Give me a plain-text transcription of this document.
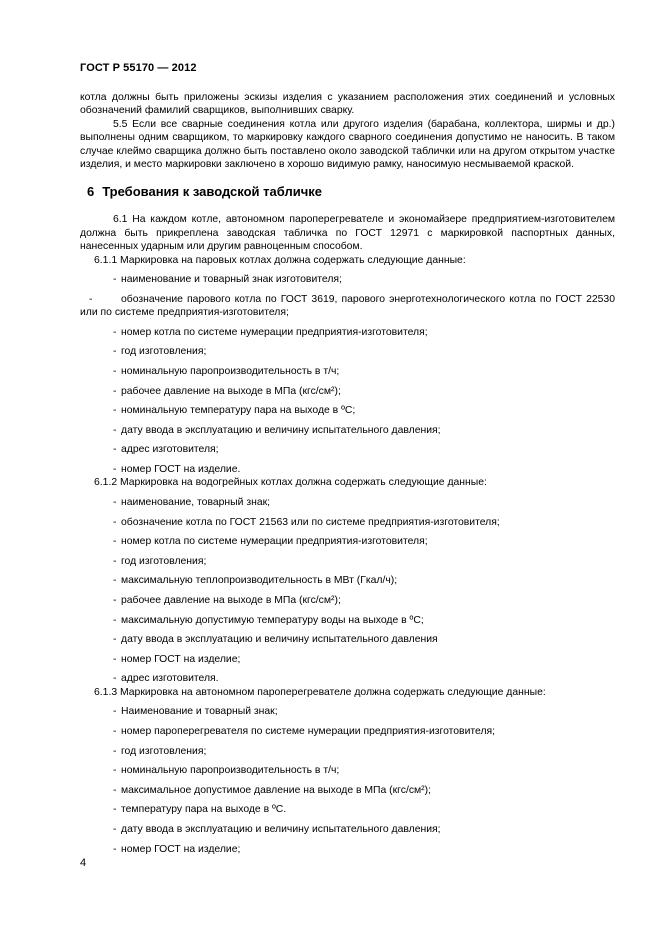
ГОСТ Р 55170 — 2012

котла должны быть приложены эскизы изделия с указанием расположения этих соединений и условных обозначений фамилий сварщиков, выполнивших сварку.

5.5 Если все сварные соединения котла или другого изделия (барабана, коллектора, ширмы и др.) выполнены одним сварщиком, то маркировку каждого сварного соединения допустимо не наносить. В таком случае клеймо сварщика должно быть поставлено около заводской таблички или на другом открытом участке изделия, и место маркировки заключено в хорошо видимую рамку, наносимую несмываемой краской.

6 Требования к заводской табличке

6.1 На каждом котле, автономном пароперегревателе и экономайзере предприятием-изготовителем должна быть прикреплена заводская табличка по ГОСТ 12971 с маркировкой паспортных данных, нанесенных ударным или другим равноценным способом.

6.1.1 Маркировка на паровых котлах должна содержать следующие данные:

- наименование и товарный знак изготовителя;
-	обозначение парового котла по ГОСТ 3619, парового энерготехнологического котла по ГОСТ 22530 или по системе предприятия-изготовителя;
- номер котла по системе нумерации предприятия-изготовителя;
- год изготовления;
- номинальную паропроизводительность в т/ч;
- рабочее давление на выходе в МПа (кгс/см²);
- номинальную температуру пара на выходе в ºС;
- дату ввода в эксплуатацию и величину испытательного давления;
- адрес изготовителя;
- номер ГОСТ на изделие.

6.1.2 Маркировка на водогрейных котлах должна содержать следующие данные:

- наименование, товарный знак;
- обозначение котла по ГОСТ 21563 или по системе предприятия-изготовителя;
- номер котла по системе нумерации предприятия-изготовителя;
- год изготовления;
- максимальную теплопроизводительность в МВт (Гкал/ч);
- рабочее давление на выходе в МПа (кгс/см²);
- максимальную допустимую температуру воды на выходе в ºС;
- дату ввода в эксплуатацию и величину испытательного давления
- номер ГОСТ на изделие;
- адрес изготовителя.

6.1.3 Маркировка на автономном пароперегревателе должна содержать следующие данные:

- Наименование и товарный знак;
- номер пароперегревателя по системе нумерации предприятия-изготовителя;
- год изготовления;
- номинальную паропроизводительность в т/ч;
- максимальное допустимое давление на выходе в МПа (кгс/см²);
- температуру пара на выходе в ºС.
- дату ввода в эксплуатацию и величину испытательного давления;
- номер ГОСТ на изделие;
4
